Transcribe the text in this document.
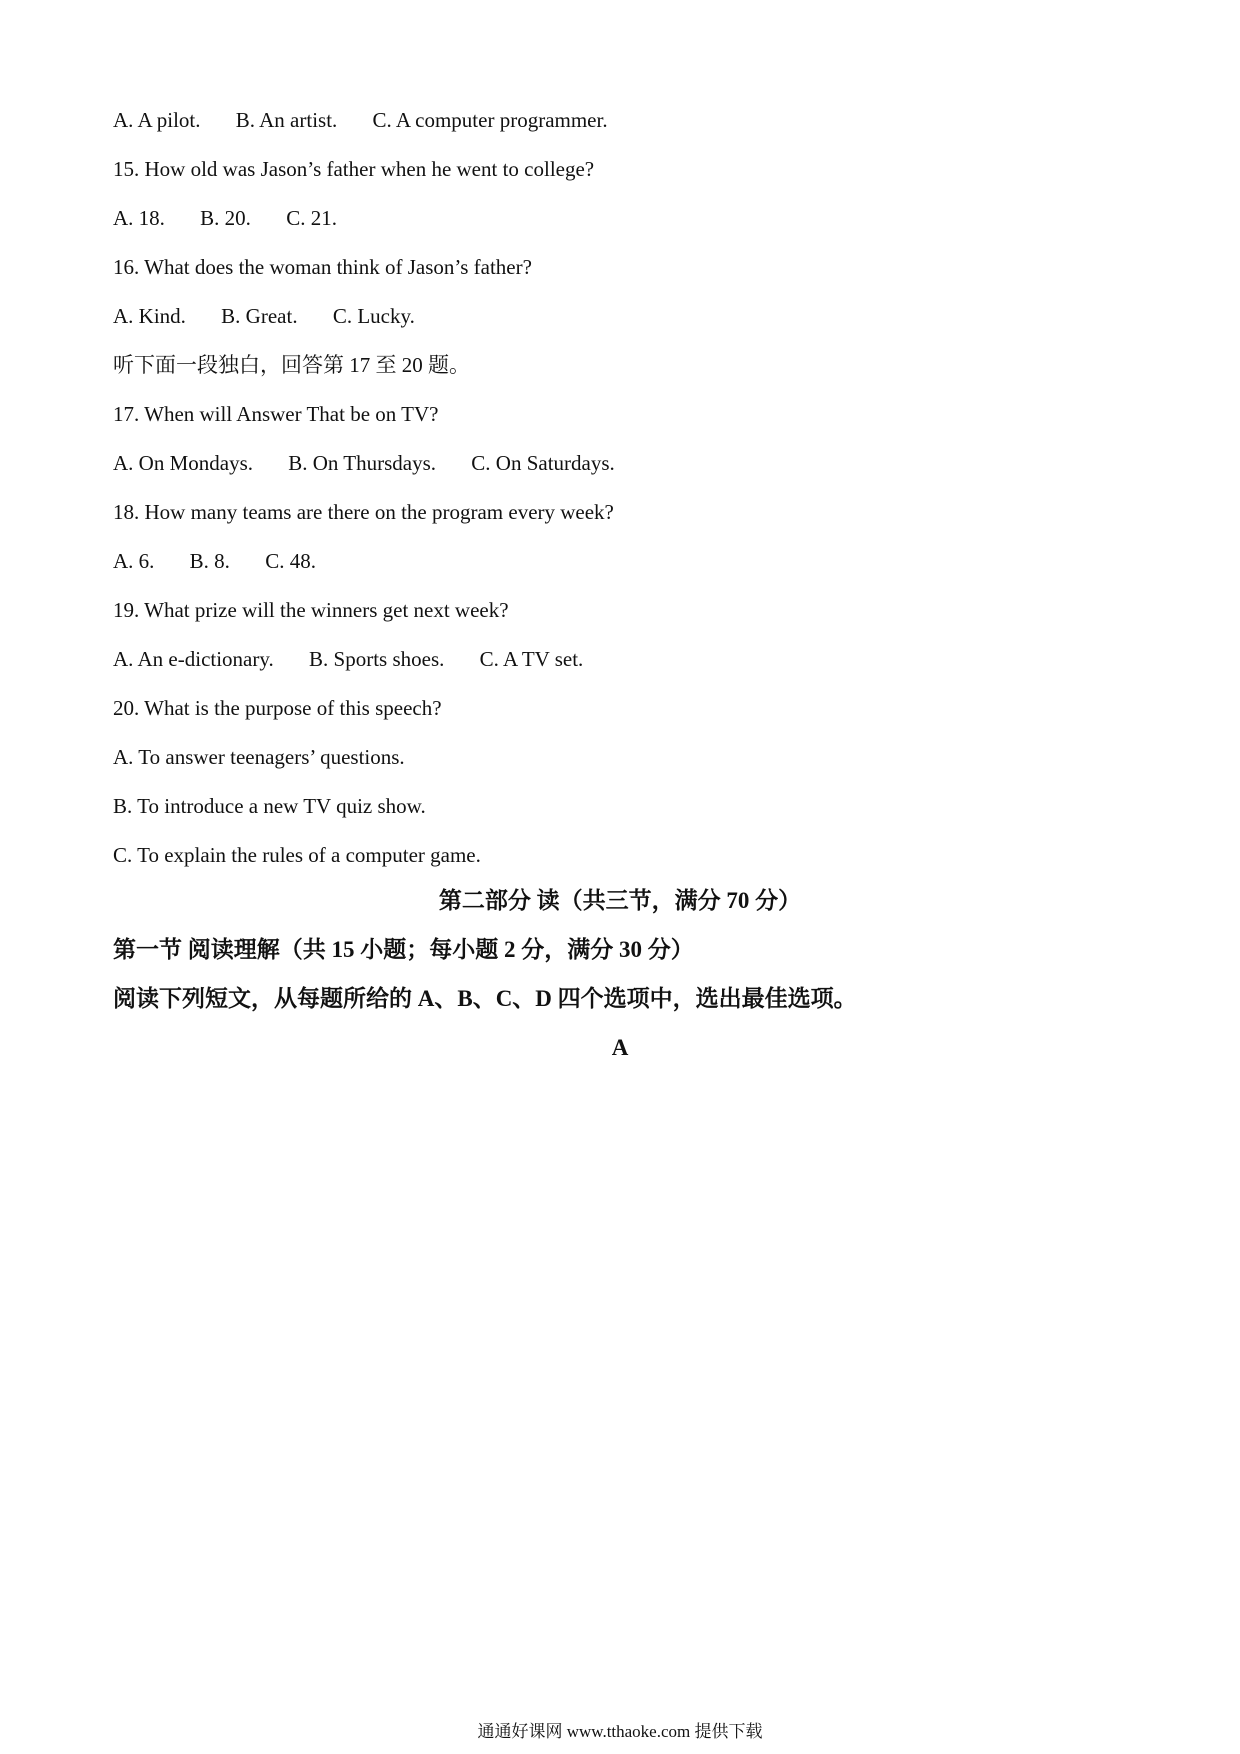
A. A pilot. B. An artist. C. A computer programmer.
15. How old was Jason’s father when he went to college?
A. 18. B. 20. C. 21.
16. What does the woman think of Jason’s father?
A. Kind. B. Great. C. Lucky.
听下面一段独白，回答第 17 至 20 题。
17. When will Answer That be on TV?
A. On Mondays. B. On Thursdays. C. On Saturdays.
18. How many teams are there on the program every week?
A. 6. B. 8. C. 48.
19. What prize will the winners get next week?
A. An e-dictionary. B. Sports shoes. C. A TV set.
20. What is the purpose of this speech?
A. To answer teenagers’ questions.
B. To introduce a new TV quiz show.
C. To explain the rules of a computer game.
第二部分 读（共三节，满分 70 分）
第一节 阅读理解（共 15 小题；每小题 2 分，满分 30 分）
阅读下列短文，从每题所给的 A、B、C、D 四个选项中，选出最佳选项。
A
通通好课网 www.tthaoke.com 提供下载
